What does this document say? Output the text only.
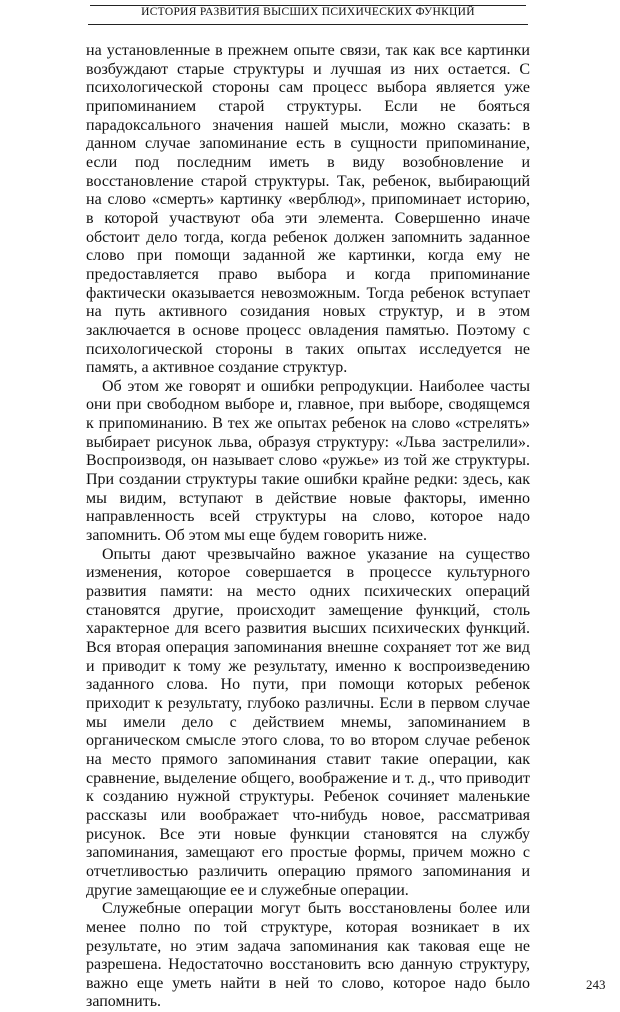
ИСТОРИЯ РАЗВИТИЯ ВЫСШИХ ПСИХИЧЕСКИХ ФУНКЦИЙ

на установленные в прежнем опыте связи, так как все картинки возбуждают старые структуры и лучшая из них остается. С психологической стороны сам процесс выбора является уже припоминанием старой структуры. Если не бояться парадоксального значения нашей мысли, можно сказать: в данном случае запоминание есть в сущности припоминание, если под последним иметь в виду возобновление и восстановление старой структуры. Так, ребенок, выбирающий на слово «смерть» картинку «верблюд», припоминает историю, в которой участвуют оба эти элемента. Совершенно иначе обстоит дело тогда, когда ребенок должен запомнить заданное слово при помощи заданной же картинки, когда ему не предоставляется право выбора и когда припоминание фактически оказывается невозможным. Тогда ребенок вступает на путь активного созидания новых структур, и в этом заключается в основе процесс овладения памятью. Поэтому с психологической стороны в таких опытах исследуется не память, а активное создание структур.

Об этом же говорят и ошибки репродукции. Наиболее часты они при свободном выборе и, главное, при выборе, сводящемся к припоминанию. В тех же опытах ребенок на слово «стрелять» выбирает рисунок льва, образуя структуру: «Льва застрелили». Воспроизводя, он называет слово «ружье» из той же структуры. При создании структуры такие ошибки крайне редки: здесь, как мы видим, вступают в действие новые факторы, именно направленность всей структуры на слово, которое надо запомнить. Об этом мы еще будем говорить ниже.

Опыты дают чрезвычайно важное указание на существо изменения, которое совершается в процессе культурного развития памяти: на место одних психических операций становятся другие, происходит замещение функций, столь характерное для всего развития высших психических функций. Вся вторая операция запоминания внешне сохраняет тот же вид и приводит к тому же результату, именно к воспроизведению заданного слова. Но пути, при помощи которых ребенок приходит к результату, глубоко различны. Если в первом случае мы имели дело с действием мнемы, запоминанием в органическом смысле этого слова, то во втором случае ребенок на место прямого запоминания ставит такие операции, как сравнение, выделение общего, воображение и т. д., что приводит к созданию нужной структуры. Ребенок сочиняет маленькие рассказы или воображает что-нибудь новое, рассматривая рисунок. Все эти новые функции становятся на службу запоминания, замещают его простые формы, причем можно с отчетливостью различить операцию прямого запоминания и другие замещающие ее и служебные операции.

Служебные операции могут быть восстановлены более или менее полно по той структуре, которая возникает в их результате, но этим задача запоминания как таковая еще не разрешена. Недостаточно восстановить всю данную структуру, важно еще уметь найти в ней то слово, которое надо было запомнить.

243
